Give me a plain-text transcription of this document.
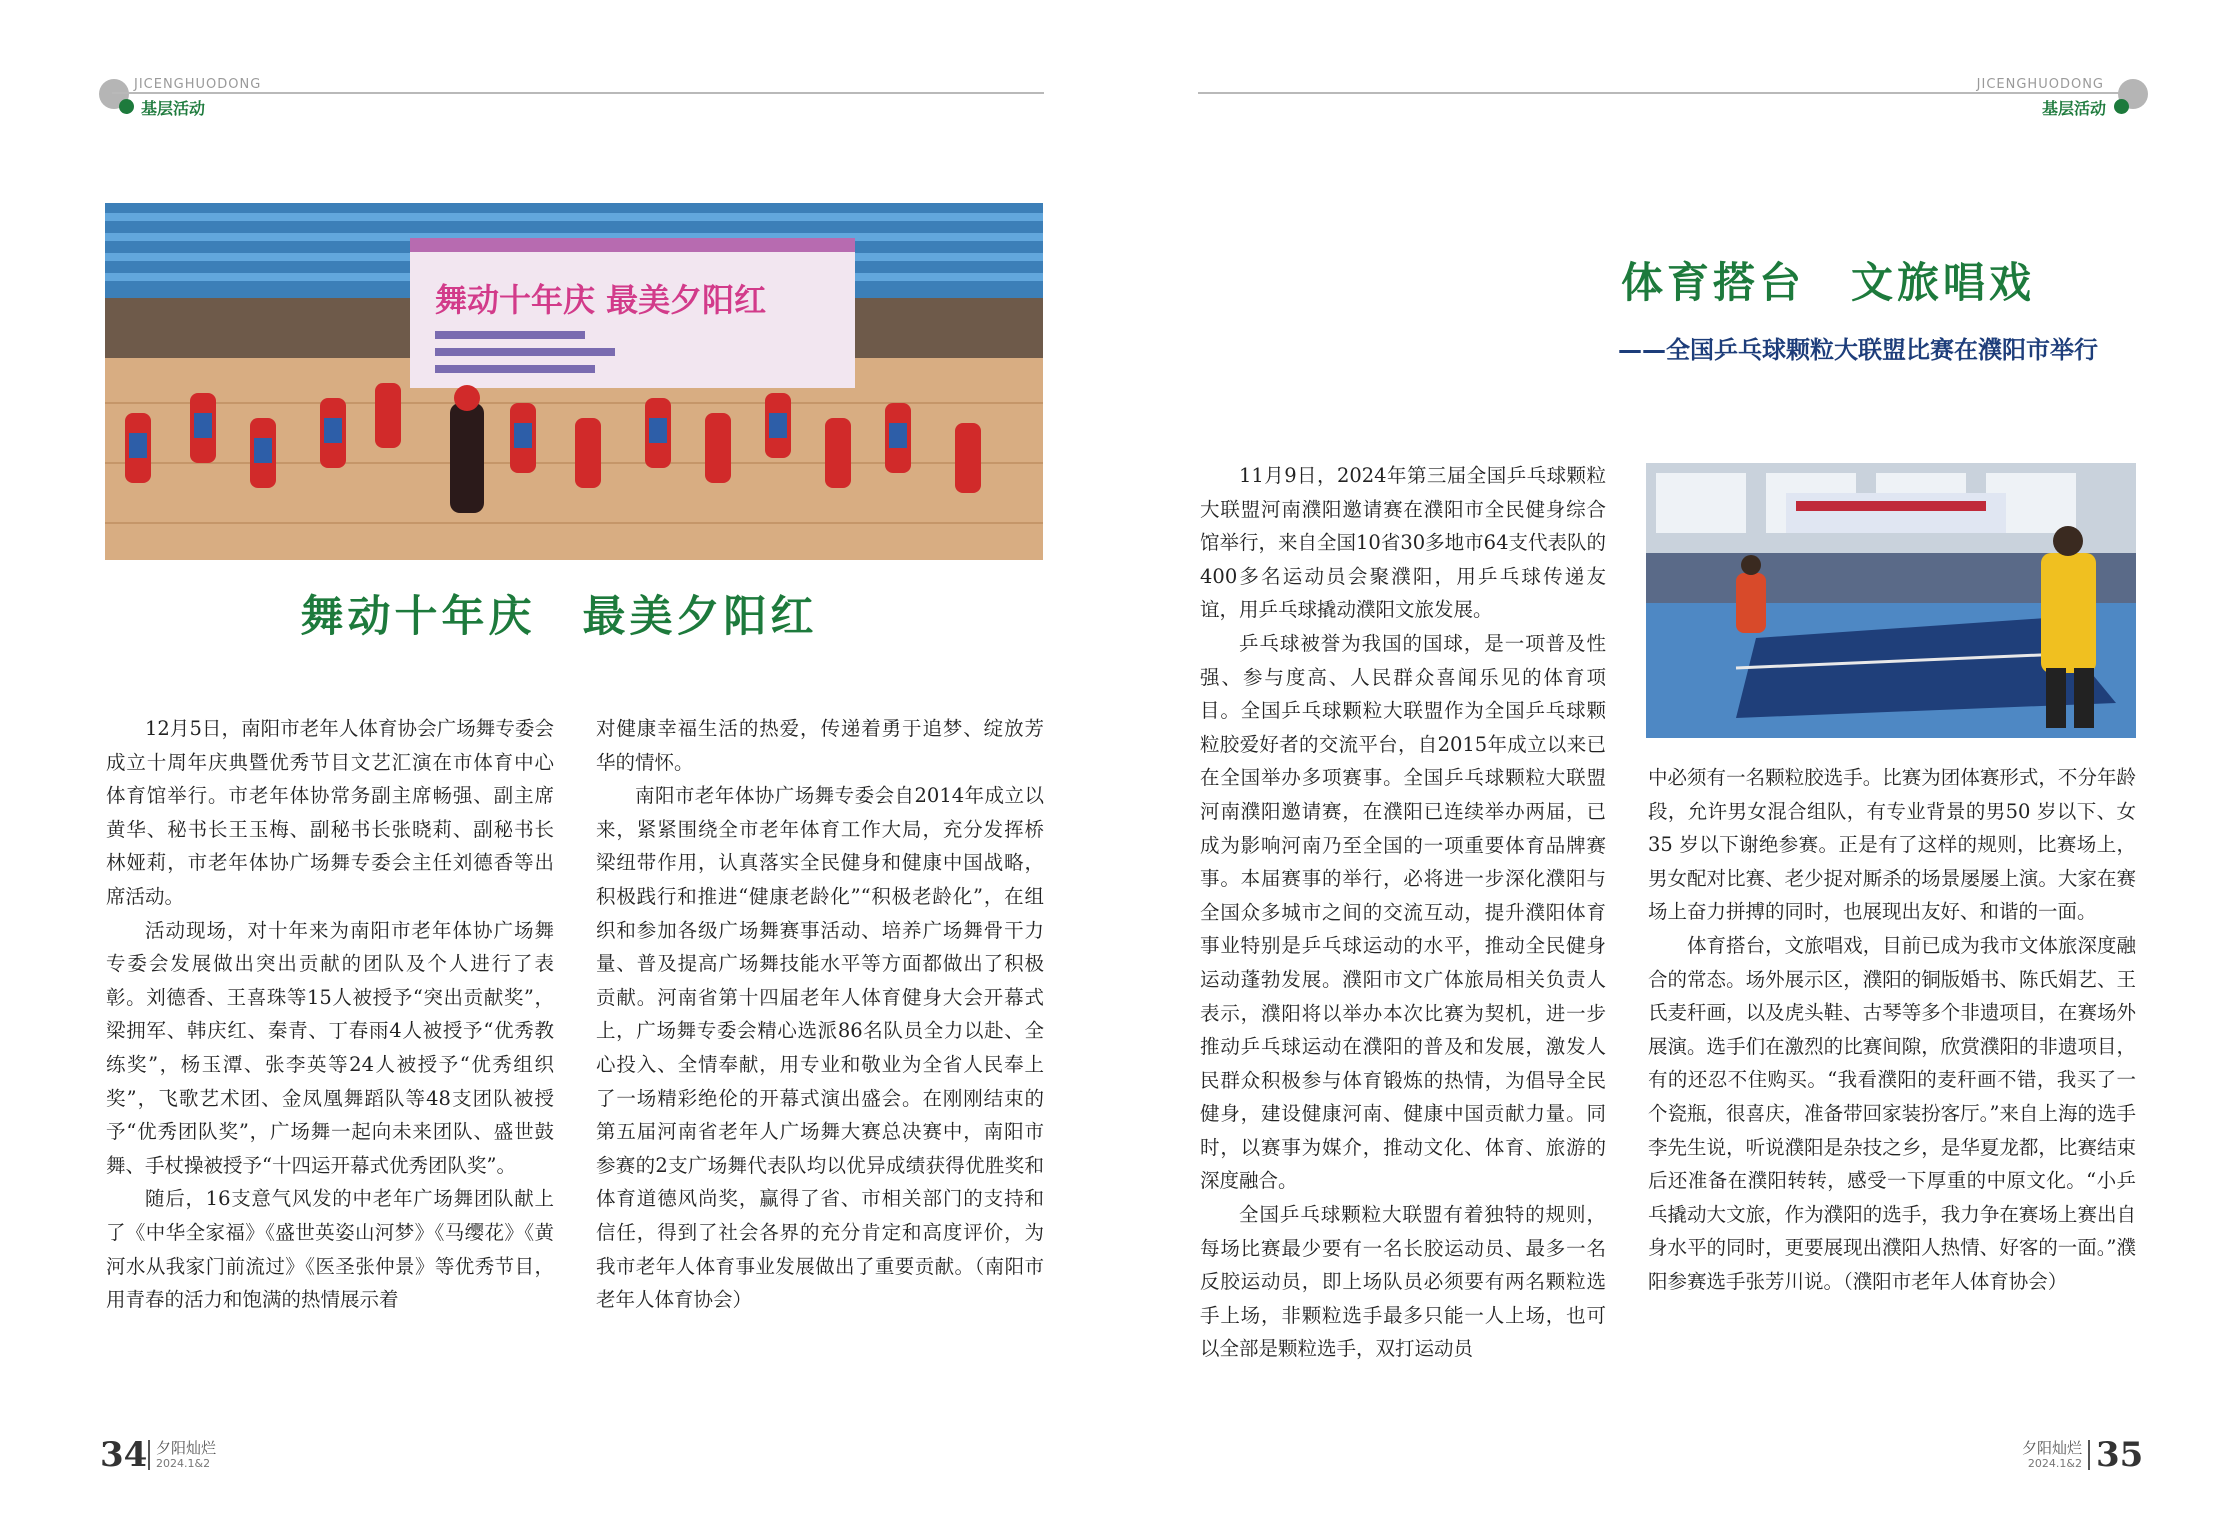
JICENGHUODONG
基层活动
舞动十年庆 最美夕阳红
舞动十年庆　最美夕阳红

12月5日，南阳市老年人体育协会广场舞专委会成立十周年庆典暨优秀节目文艺汇演在市体育中心体育馆举行。市老年体协常务副主席畅强、副主席黄华、秘书长王玉梅、副秘书长张晓莉、副秘书长林娅莉，市老年体协广场舞专委会主任刘德香等出席活动。

活动现场，对十年来为南阳市老年体协广场舞专委会发展做出突出贡献的团队及个人进行了表彰。刘德香、王喜珠等15人被授予“突出贡献奖”，梁拥军、韩庆红、秦青、丁春雨4人被授予“优秀教练奖”，杨玉潭、张李英等24人被授予“优秀组织奖”，飞歌艺术团、金凤凰舞蹈队等48支团队被授予“优秀团队奖”，广场舞一起向未来团队、盛世鼓舞、手杖操被授予“十四运开幕式优秀团队奖”。

随后，16支意气风发的中老年广场舞团队献上了《中华全家福》《盛世英姿山河梦》《马缨花》《黄河水从我家门前流过》《医圣张仲景》等优秀节目，用青春的活力和饱满的热情展示着

对健康幸福生活的热爱，传递着勇于追梦、绽放芳华的情怀。

南阳市老年体协广场舞专委会自2014年成立以来，紧紧围绕全市老年体育工作大局，充分发挥桥梁纽带作用，认真落实全民健身和健康中国战略，积极践行和推进“健康老龄化”“积极老龄化”，在组织和参加各级广场舞赛事活动、培养广场舞骨干力量、普及提高广场舞技能水平等方面都做出了积极贡献。河南省第十四届老年人体育健身大会开幕式上，广场舞专委会精心选派86名队员全力以赴、全心投入、全情奉献，用专业和敬业为全省人民奉上了一场精彩绝伦的开幕式演出盛会。在刚刚结束的第五届河南省老年人广场舞大赛总决赛中，南阳市参赛的2支广场舞代表队均以优异成绩获得优胜奖和体育道德风尚奖，赢得了省、市相关部门的支持和信任，得到了社会各界的充分肯定和高度评价，为我市老年人体育事业发展做出了重要贡献。（南阳市老年人体育协会）

34 夕阳灿烂
2024.1&2
JICENGHUODONG
基层活动
体育搭台　文旅唱戏
——全国乒乓球颗粒大联盟比赛在濮阳市举行

11月9日，2024年第三届全国乒乓球颗粒大联盟河南濮阳邀请赛在濮阳市全民健身综合馆举行，来自全国10省30多地市64支代表队的400多名运动员会聚濮阳，用乒乓球传递友谊，用乒乓球撬动濮阳文旅发展。

乒乓球被誉为我国的国球，是一项普及性强、参与度高、人民群众喜闻乐见的体育项目。全国乒乓球颗粒大联盟作为全国乒乓球颗粒胶爱好者的交流平台，自2015年成立以来已在全国举办多项赛事。全国乒乓球颗粒大联盟河南濮阳邀请赛，在濮阳已连续举办两届，已成为影响河南乃至全国的一项重要体育品牌赛事。本届赛事的举行，必将进一步深化濮阳与全国众多城市之间的交流互动，提升濮阳体育事业特别是乒乓球运动的水平，推动全民健身运动蓬勃发展。濮阳市文广体旅局相关负责人表示，濮阳将以举办本次比赛为契机，进一步推动乒乓球运动在濮阳的普及和发展，激发人民群众积极参与体育锻炼的热情，为倡导全民健身，建设健康河南、健康中国贡献力量。同时，以赛事为媒介，推动文化、体育、旅游的深度融合。

全国乒乓球颗粒大联盟有着独特的规则，每场比赛最少要有一名长胶运动员、最多一名反胶运动员，即上场队员必须要有两名颗粒选手上场，非颗粒选手最多只能一人上场，也可以全部是颗粒选手，双打运动员

中必须有一名颗粒胶选手。比赛为团体赛形式，不分年龄段，允许男女混合组队，有专业背景的男50 岁以下、女 35 岁以下谢绝参赛。正是有了这样的规则，比赛场上，男女配对比赛、老少捉对厮杀的场景屡屡上演。大家在赛场上奋力拼搏的同时，也展现出友好、和谐的一面。

体育搭台，文旅唱戏，目前已成为我市文体旅深度融合的常态。场外展示区，濮阳的铜版婚书、陈氏娟艺、王氏麦秆画，以及虎头鞋、古琴等多个非遗项目，在赛场外展演。选手们在激烈的比赛间隙，欣赏濮阳的非遗项目，有的还忍不住购买。“我看濮阳的麦秆画不错，我买了一个瓷瓶，很喜庆，准备带回家装扮客厅。”来自上海的选手李先生说，听说濮阳是杂技之乡，是华夏龙都，比赛结束后还准备在濮阳转转，感受一下厚重的中原文化。“小乒乓撬动大文旅，作为濮阳的选手，我力争在赛场上赛出自身水平的同时，更要展现出濮阳人热情、好客的一面。”濮阳参赛选手张芳川说。（濮阳市老年人体育协会）

夕阳灿烂
2024.1&2 35
